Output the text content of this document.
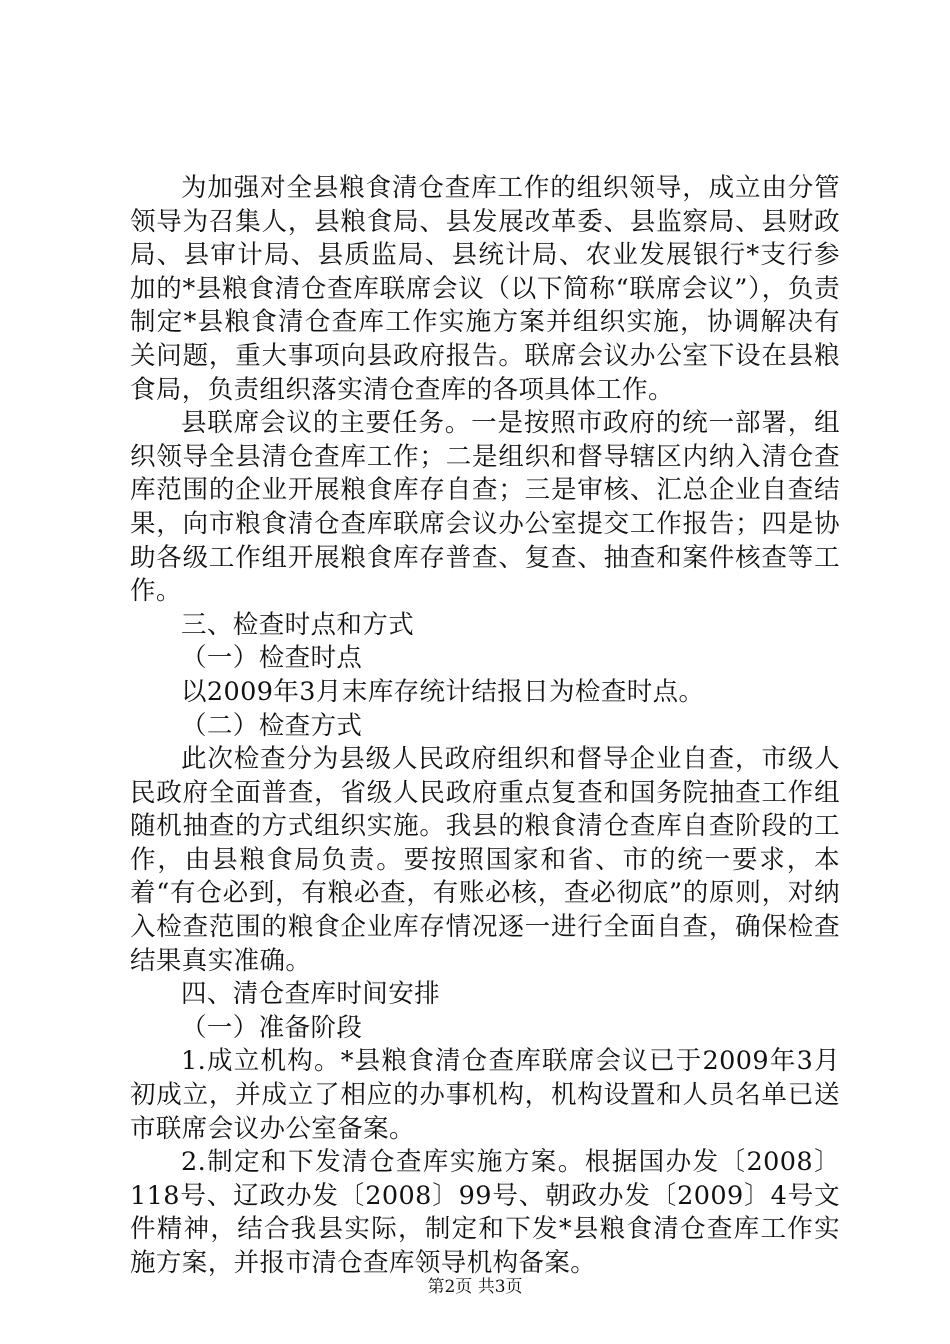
为加强对全县粮食清仓查库工作的组织领导，成立由分管领导为召集人，县粮食局、县发展改革委、县监察局、县财政局、县审计局、县质监局、县统计局、农业发展银行*支行参加的*县粮食清仓查库联席会议（以下简称“联席会议”），负责制定*县粮食清仓查库工作实施方案并组织实施，协调解决有关问题，重大事项向县政府报告。联席会议办公室下设在县粮食局，负责组织落实清仓查库的各项具体工作。

县联席会议的主要任务。一是按照市政府的统一部署，组织领导全县清仓查库工作；二是组织和督导辖区内纳入清仓查库范围的企业开展粮食库存自查；三是审核、汇总企业自查结果，向市粮食清仓查库联席会议办公室提交工作报告；四是协助各级工作组开展粮食库存普查、复查、抽查和案件核查等工作。

三、检查时点和方式

（一）检查时点

以2009年3月末库存统计结报日为检查时点。

（二）检查方式

此次检查分为县级人民政府组织和督导企业自查，市级人民政府全面普查，省级人民政府重点复查和国务院抽查工作组随机抽查的方式组织实施。我县的粮食清仓查库自查阶段的工作，由县粮食局负责。要按照国家和省、市的统一要求，本着“有仓必到，有粮必查，有账必核，查必彻底”的原则，对纳入检查范围的粮食企业库存情况逐一进行全面自查，确保检查结果真实准确。

四、清仓查库时间安排

（一）准备阶段

1.成立机构。*县粮食清仓查库联席会议已于2009年3月初成立，并成立了相应的办事机构，机构设置和人员名单已送市联席会议办公室备案。

2.制定和下发清仓查库实施方案。根据国办发〔2008〕118号、辽政办发〔2008〕99号、朝政办发〔2009〕4号文件精神，结合我县实际，制定和下发*县粮食清仓查库工作实施方案，并报市清仓查库领导机构备案。

第2页 共3页
